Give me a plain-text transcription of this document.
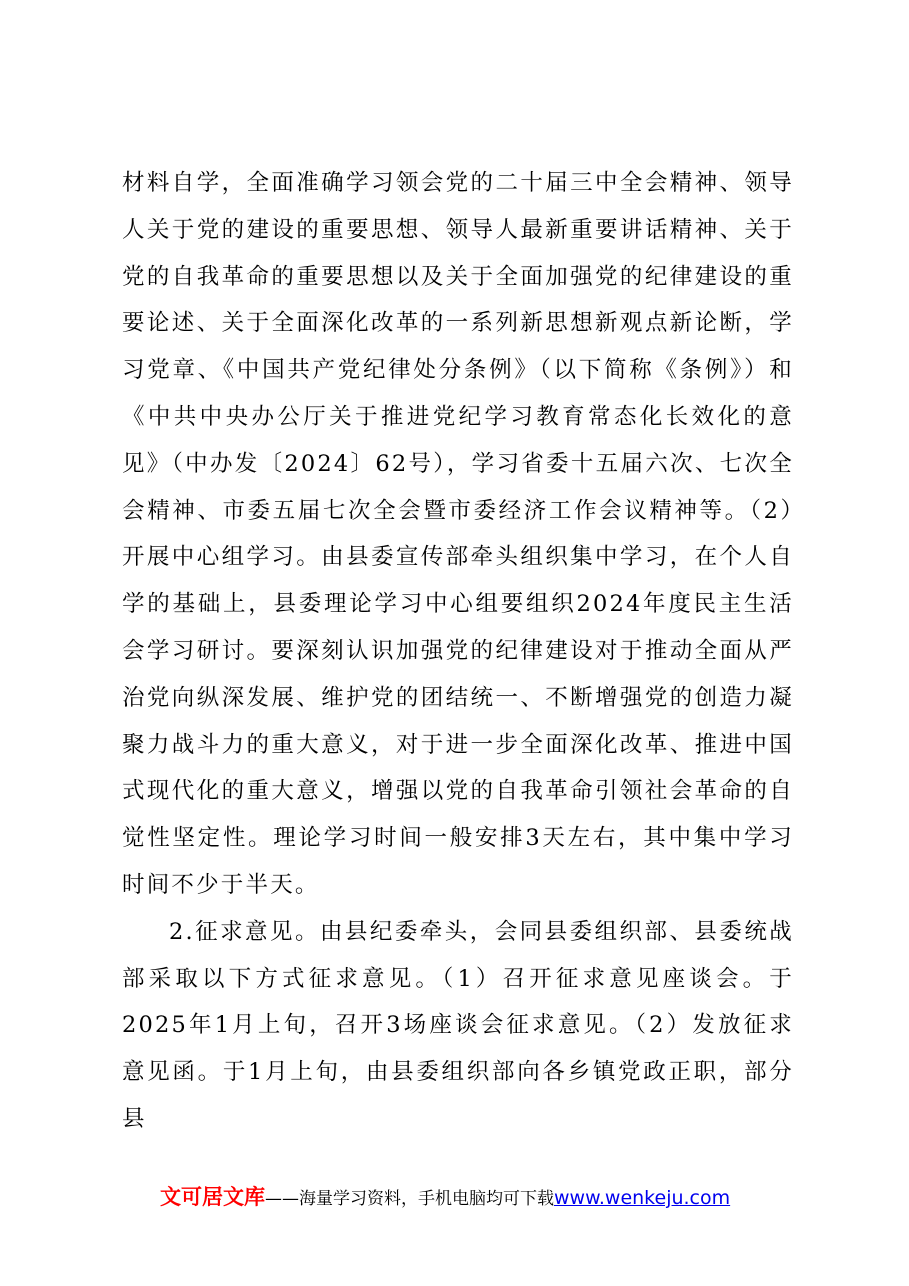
材料自学，全面准确学习领会党的二十届三中全会精神、领导人关于党的建设的重要思想、领导人最新重要讲话精神、关于党的自我革命的重要思想以及关于全面加强党的纪律建设的重要论述、关于全面深化改革的一系列新思想新观点新论断，学习党章、《中国共产党纪律处分条例》（以下简称《条例》）和《中共中央办公厅关于推进党纪学习教育常态化长效化的意见》（中办发〔2024〕62号），学习省委十五届六次、七次全会精神、市委五届七次全会暨市委经济工作会议精神等。（2）开展中心组学习。由县委宣传部牵头组织集中学习，在个人自学的基础上，县委理论学习中心组要组织2024年度民主生活会学习研讨。要深刻认识加强党的纪律建设对于推动全面从严治党向纵深发展、维护党的团结统一、不断增强党的创造力凝聚力战斗力的重大意义，对于进一步全面深化改革、推进中国式现代化的重大意义，增强以党的自我革命引领社会革命的自觉性坚定性。理论学习时间一般安排3天左右，其中集中学习时间不少于半天。

2.征求意见。由县纪委牵头，会同县委组织部、县委统战部采取以下方式征求意见。（1）召开征求意见座谈会。于2025年1月上旬，召开3场座谈会征求意见。（2）发放征求意见函。于1月上旬，由县委组织部向各乡镇党政正职，部分县

文可居文库——海量学习资料，手机电脑均可下载www.wenkeju.com
